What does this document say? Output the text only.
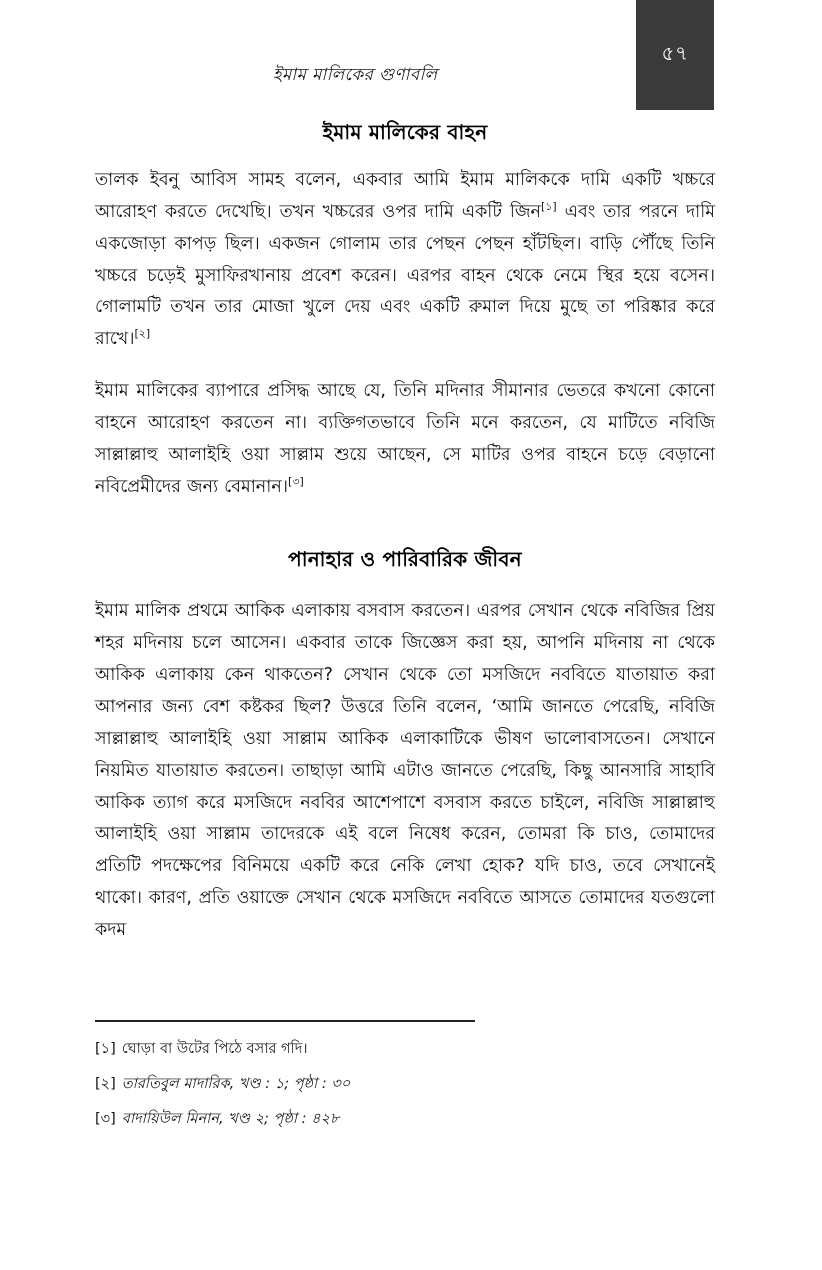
৫৭
ইমাম মালিকের গুণাবলি
ইমাম মালিকের বাহন

তালক ইবনু আবিস সামহ বলেন, একবার আমি ইমাম মালিককে দামি একটি খচ্চরে আরোহণ করতে দেখেছি। তখন খচ্চরের ওপর দামি একটি জিন[১] এবং তার পরনে দামি একজোড়া কাপড় ছিল। একজন গোলাম তার পেছন পেছন হাঁটছিল। বাড়ি পৌঁছে তিনি খচ্চরে চড়েই মুসাফিরখানায় প্রবেশ করেন। এরপর বাহন থেকে নেমে স্থির হয়ে বসেন। গোলামটি তখন তার মোজা খুলে দেয় এবং একটি রুমাল দিয়ে মুছে তা পরিষ্কার করে রাখে।[২]

ইমাম মালিকের ব্যাপারে প্রসিদ্ধ আছে যে, তিনি মদিনার সীমানার ভেতরে কখনো কোনো বাহনে আরোহণ করতেন না। ব্যক্তিগতভাবে তিনি মনে করতেন, যে মাটিতে নবিজি সাল্লাল্লাহু আলাইহি ওয়া সাল্লাম শুয়ে আছেন, সে মাটির ওপর বাহনে চড়ে বেড়ানো নবিপ্রেমীদের জন্য বেমানান।[৩]

পানাহার ও পারিবারিক জীবন

ইমাম মালিক প্রথমে আকিক এলাকায় বসবাস করতেন। এরপর সেখান থেকে নবিজির প্রিয় শহর মদিনায় চলে আসেন। একবার তাকে জিজ্ঞেস করা হয়, আপনি মদিনায় না থেকে আকিক এলাকায় কেন থাকতেন? সেখান থেকে তো মসজিদে নববিতে যাতায়াত করা আপনার জন্য বেশ কষ্টকর ছিল? উত্তরে তিনি বলেন, ‘আমি জানতে পেরেছি, নবিজি সাল্লাল্লাহু আলাইহি ওয়া সাল্লাম আকিক এলাকাটিকে ভীষণ ভালোবাসতেন। সেখানে নিয়মিত যাতায়াত করতেন। তাছাড়া আমি এটাও জানতে পেরেছি, কিছু আনসারি সাহাবি আকিক ত্যাগ করে মসজিদে নববির আশেপাশে বসবাস করতে চাইলে, নবিজি সাল্লাল্লাহু আলাইহি ওয়া সাল্লাম তাদেরকে এই বলে নিষেধ করেন, তোমরা কি চাও, তোমাদের প্রতিটি পদক্ষেপের বিনিময়ে একটি করে নেকি লেখা হোক? যদি চাও, তবে সেখানেই থাকো। কারণ, প্রতি ওয়াক্তে সেখান থেকে মসজিদে নববিতে আসতে তোমাদের যতগুলো কদম

[১] ঘোড়া বা উটের পিঠে বসার গদি।
[২] তারতিবুল মাদারিক, খণ্ড : ১; পৃষ্ঠা : ৩০
[৩] বাদায়িউল মিনান, খণ্ড ২; পৃষ্ঠা : ৪২৮
